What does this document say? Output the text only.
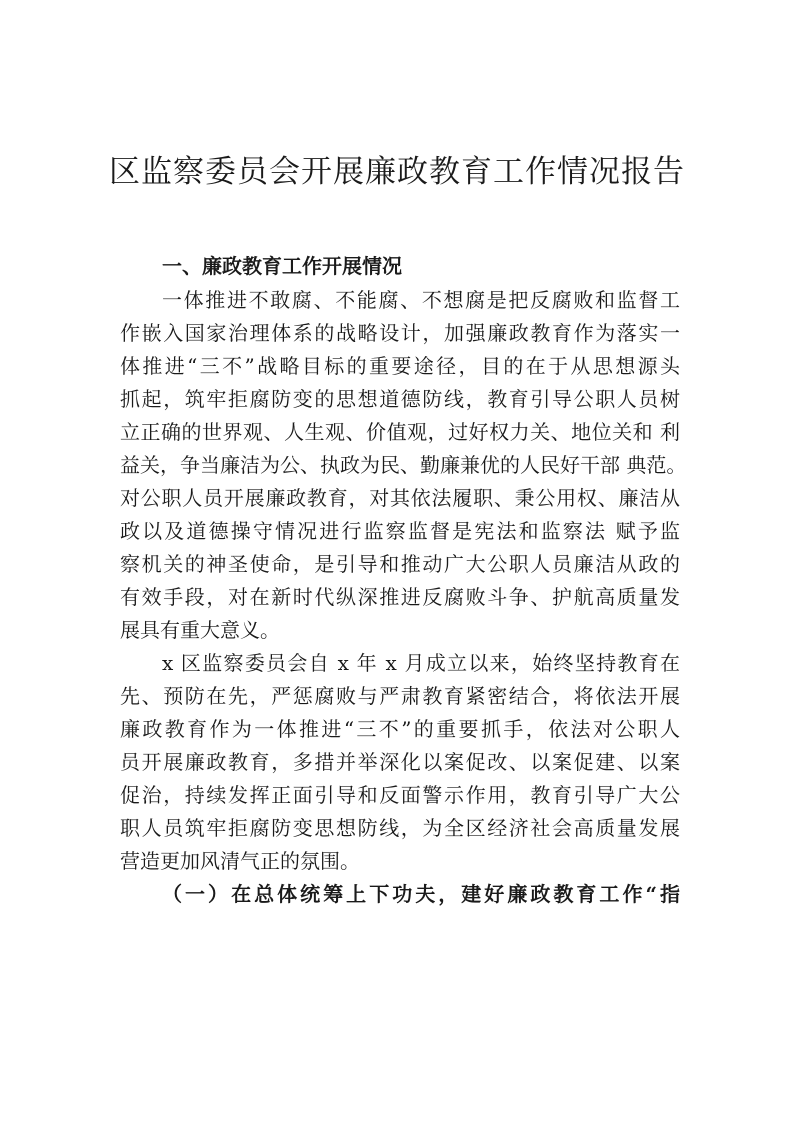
区监察委员会开展廉政教育工作情况报告
一、廉政教育工作开展情况
一体推进不敢腐、不能腐、不想腐是把反腐败和监督工
作嵌入国家治理体系的战略设计，加强廉政教育作为落实一
体推进“三不”战略目标的重要途径，目的在于从思想源头
抓起，筑牢拒腐防变的思想道德防线，教育引导公职人员树
立正确的世界观、人生观、价值观，过好权力关、地位关和 利
益关，争当廉洁为公、执政为民、勤廉兼优的人民好干部 典范。
对公职人员开展廉政教育，对其依法履职、秉公用权、廉洁从
政以及道德操守情况进行监察监督是宪法和监察法 赋予监
察机关的神圣使命，是引导和推动广大公职人员廉洁从政的
有效手段，对在新时代纵深推进反腐败斗争、护航高质量发
展具有重大意义。
x 区监察委员会自 x 年 x 月成立以来，始终坚持教育在
先、预防在先，严惩腐败与严肃教育紧密结合，将依法开展
廉政教育作为一体推进“三不”的重要抓手，依法对公职人
员开展廉政教育，多措并举深化以案促改、以案促建、以案
促治，持续发挥正面引导和反面警示作用，教育引导广大公
职人员筑牢拒腐防变思想防线，为全区经济社会高质量发展
营造更加风清气正的氛围。
（一）在总体统筹上下功夫，建好廉政教育工作“指
